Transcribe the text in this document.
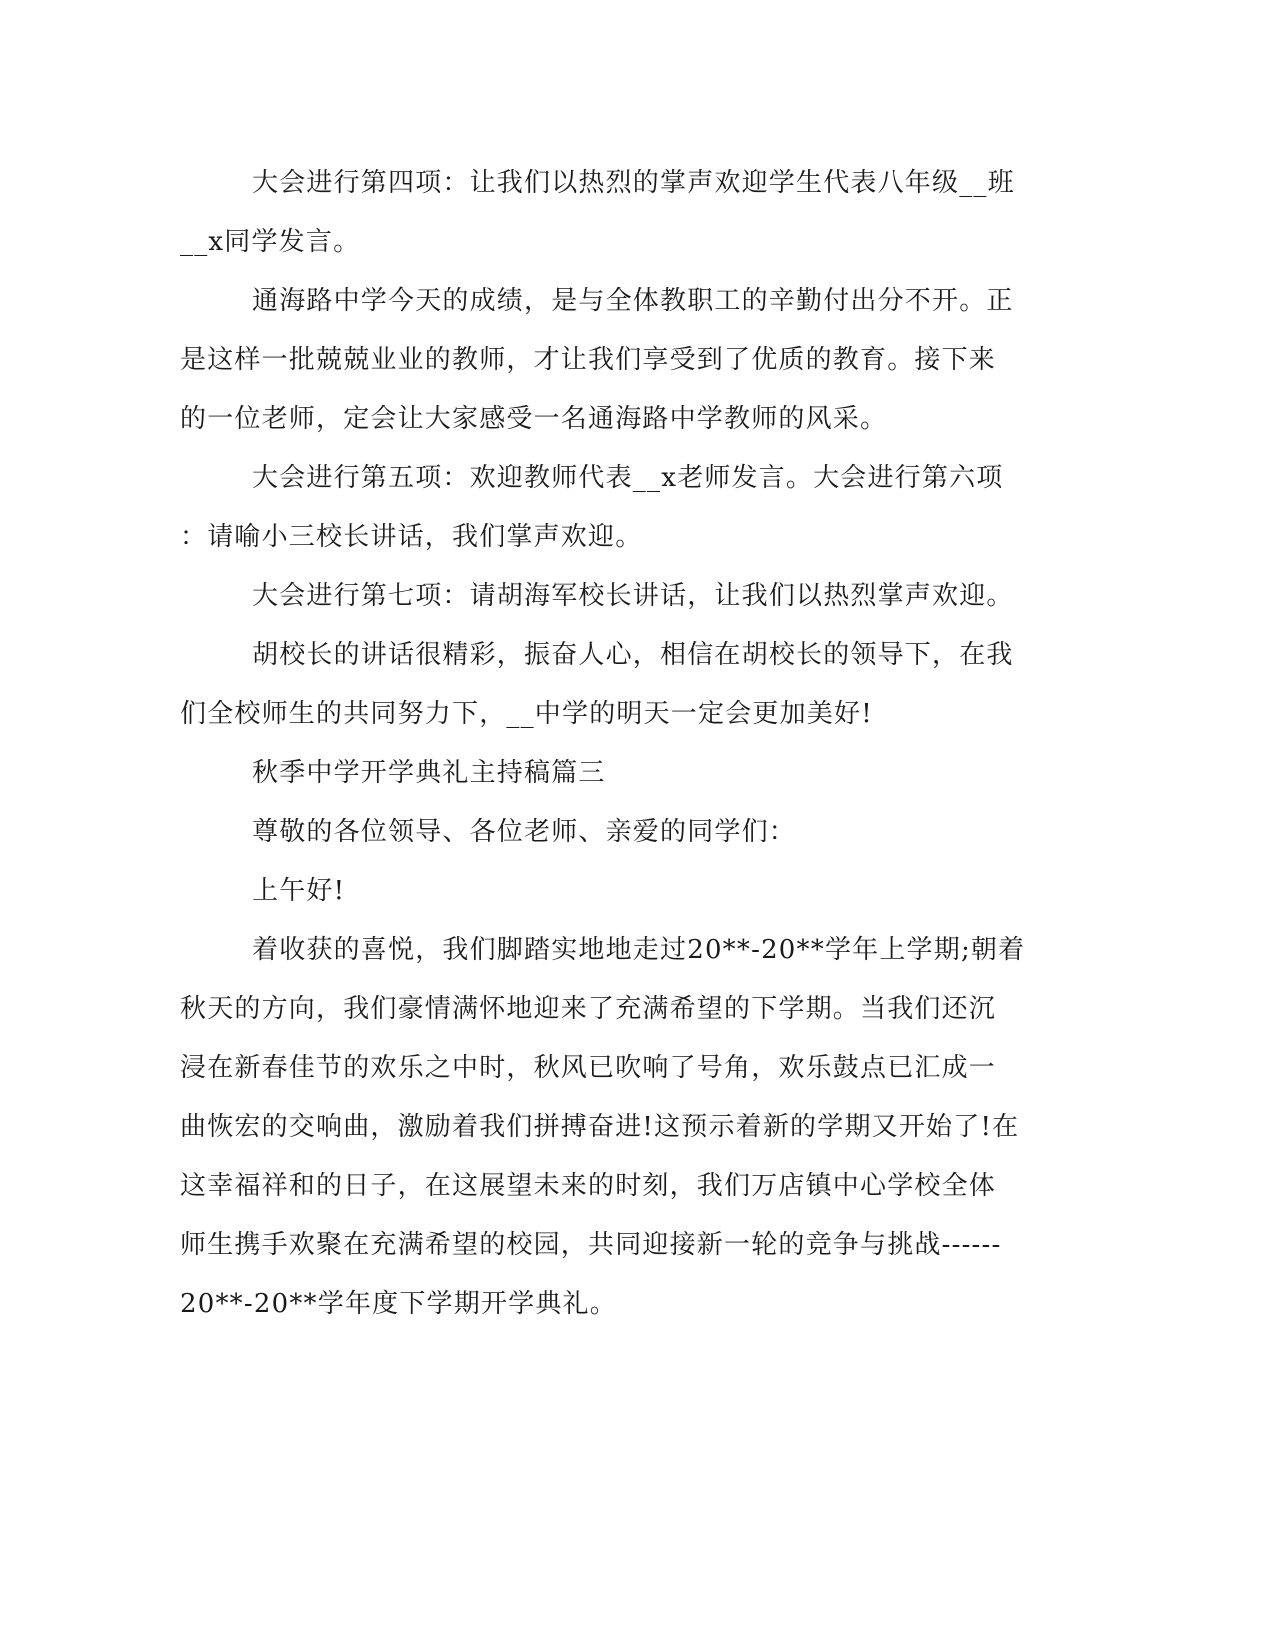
大会进行第四项：让我们以热烈的掌声欢迎学生代表八年级__班
__x同学发言。
通海路中学今天的成绩，是与全体教职工的辛勤付出分不开。正
是这样一批兢兢业业的教师，才让我们享受到了优质的教育。接下来
的一位老师，定会让大家感受一名通海路中学教师的风采。
大会进行第五项：欢迎教师代表__x老师发言。大会进行第六项
：请喻小三校长讲话，我们掌声欢迎。
大会进行第七项：请胡海军校长讲话，让我们以热烈掌声欢迎。
胡校长的讲话很精彩，振奋人心，相信在胡校长的领导下，在我
们全校师生的共同努力下，__中学的明天一定会更加美好!
秋季中学开学典礼主持稿篇三
尊敬的各位领导、各位老师、亲爱的同学们：
上午好!
着收获的喜悦，我们脚踏实地地走过20**-20**学年上学期;朝着
秋天的方向，我们豪情满怀地迎来了充满希望的下学期。当我们还沉
浸在新春佳节的欢乐之中时，秋风已吹响了号角，欢乐鼓点已汇成一
曲恢宏的交响曲，激励着我们拼搏奋进!这预示着新的学期又开始了!在
这幸福祥和的日子，在这展望未来的时刻，我们万店镇中心学校全体
师生携手欢聚在充满希望的校园，共同迎接新一轮的竞争与挑战------
20**-20**学年度下学期开学典礼。
